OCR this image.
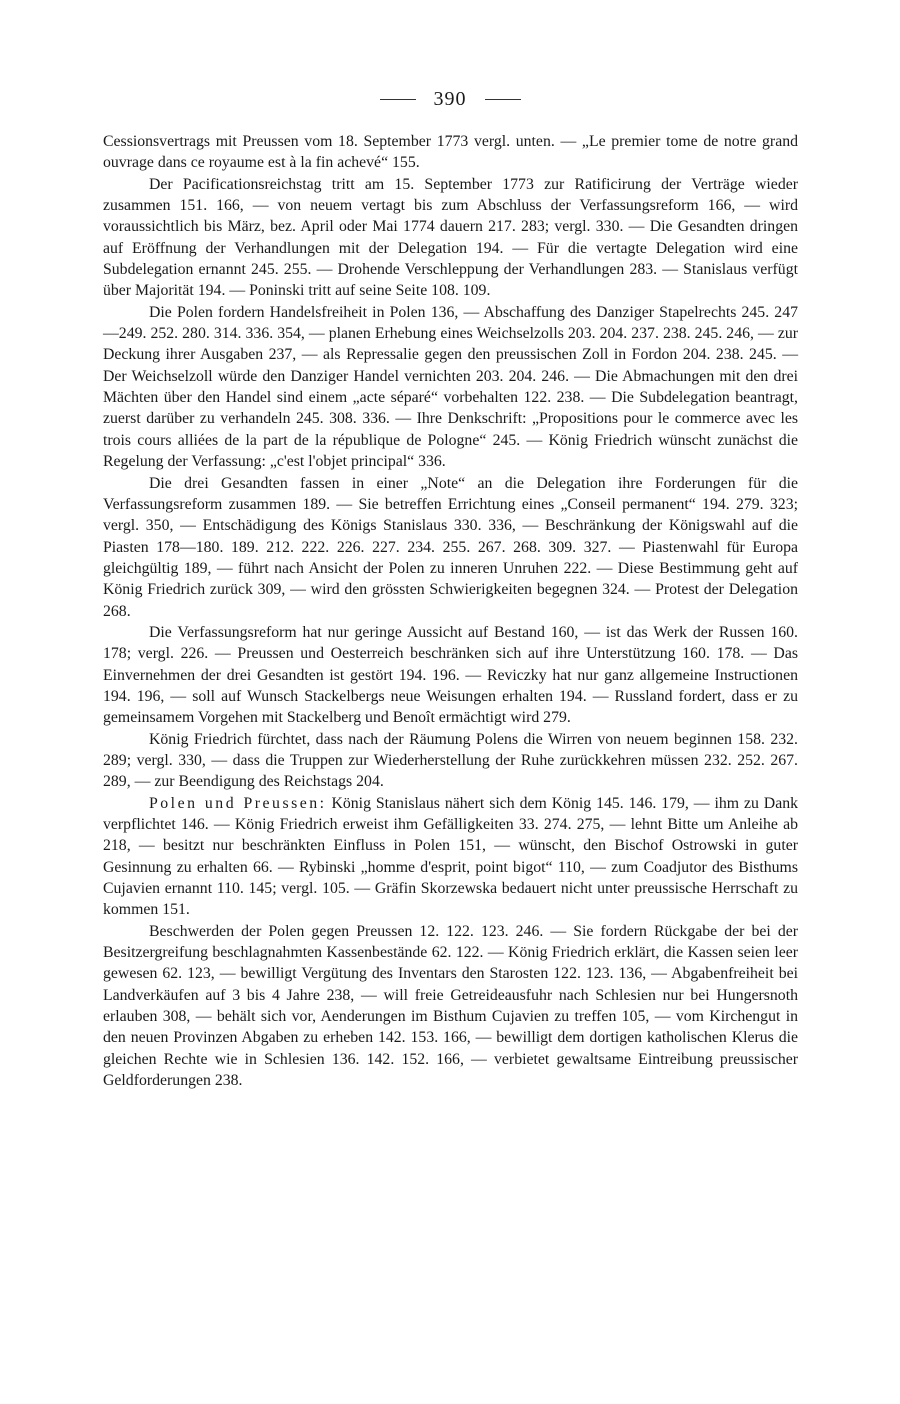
390

Cessionsvertrags mit Preussen vom 18. September 1773 vergl. unten. — „Le premier tome de notre grand ouvrage dans ce royaume est à la fin achevé“ 155.

Der Pacificationsreichstag tritt am 15. September 1773 zur Ratificirung der Verträge wieder zusammen 151. 166, — von neuem vertagt bis zum Abschluss der Verfassungsreform 166, — wird voraussichtlich bis März, bez. April oder Mai 1774 dauern 217. 283; vergl. 330. — Die Gesandten dringen auf Eröffnung der Verhandlungen mit der Delegation 194. — Für die vertagte Delegation wird eine Subdelegation ernannt 245. 255. — Drohende Verschleppung der Verhandlungen 283. — Stanislaus verfügt über Majorität 194. — Poninski tritt auf seine Seite 108. 109.

Die Polen fordern Handelsfreiheit in Polen 136, — Abschaffung des Danziger Stapelrechts 245. 247—249. 252. 280. 314. 336. 354, — planen Erhebung eines Weichselzolls 203. 204. 237. 238. 245. 246, — zur Deckung ihrer Ausgaben 237, — als Repressalie gegen den preussischen Zoll in Fordon 204. 238. 245. — Der Weichselzoll würde den Danziger Handel vernichten 203. 204. 246. — Die Abmachungen mit den drei Mächten über den Handel sind einem „acte séparé“ vorbehalten 122. 238. — Die Subdelegation beantragt, zuerst darüber zu verhandeln 245. 308. 336. — Ihre Denkschrift: „Propositions pour le commerce avec les trois cours alliées de la part de la république de Pologne“ 245. — König Friedrich wünscht zunächst die Regelung der Verfassung: „c'est l'objet principal“ 336.

Die drei Gesandten fassen in einer „Note“ an die Delegation ihre Forderungen für die Verfassungsreform zusammen 189. — Sie betreffen Errichtung eines „Conseil permanent“ 194. 279. 323; vergl. 350, — Entschädigung des Königs Stanislaus 330. 336, — Beschränkung der Königswahl auf die Piasten 178—180. 189. 212. 222. 226. 227. 234. 255. 267. 268. 309. 327. — Piastenwahl für Europa gleichgültig 189, — führt nach Ansicht der Polen zu inneren Unruhen 222. — Diese Bestimmung geht auf König Friedrich zurück 309, — wird den grössten Schwierigkeiten begegnen 324. — Protest der Delegation 268.

Die Verfassungsreform hat nur geringe Aussicht auf Bestand 160, — ist das Werk der Russen 160. 178; vergl. 226. — Preussen und Oesterreich beschränken sich auf ihre Unterstützung 160. 178. — Das Einvernehmen der drei Gesandten ist gestört 194. 196. — Reviczky hat nur ganz allgemeine Instructionen 194. 196, — soll auf Wunsch Stackelbergs neue Weisungen erhalten 194. — Russland fordert, dass er zu gemeinsamem Vorgehen mit Stackelberg und Benoît ermächtigt wird 279.

König Friedrich fürchtet, dass nach der Räumung Polens die Wirren von neuem beginnen 158. 232. 289; vergl. 330, — dass die Truppen zur Wiederherstellung der Ruhe zurückkehren müssen 232. 252. 267. 289, — zur Beendigung des Reichstags 204.

Polen und Preussen: König Stanislaus nähert sich dem König 145. 146. 179, — ihm zu Dank verpflichtet 146. — König Friedrich erweist ihm Gefälligkeiten 33. 274. 275, — lehnt Bitte um Anleihe ab 218, — besitzt nur beschränkten Einfluss in Polen 151, — wünscht, den Bischof Ostrowski in guter Gesinnung zu erhalten 66. — Rybinski „homme d'esprit, point bigot“ 110, — zum Coadjutor des Bisthums Cujavien ernannt 110. 145; vergl. 105. — Gräfin Skorzewska bedauert nicht unter preussische Herrschaft zu kommen 151.

Beschwerden der Polen gegen Preussen 12. 122. 123. 246. — Sie fordern Rückgabe der bei der Besitzergreifung beschlagnahmten Kassenbestände 62. 122. — König Friedrich erklärt, die Kassen seien leer gewesen 62. 123, — bewilligt Vergütung des Inventars den Starosten 122. 123. 136, — Abgabenfreiheit bei Landverkäufen auf 3 bis 4 Jahre 238, — will freie Getreideausfuhr nach Schlesien nur bei Hungersnoth erlauben 308, — behält sich vor, Aenderungen im Bisthum Cujavien zu treffen 105, — vom Kirchengut in den neuen Provinzen Abgaben zu erheben 142. 153. 166, — bewilligt dem dortigen katholischen Klerus die gleichen Rechte wie in Schlesien 136. 142. 152. 166, — verbietet gewaltsame Eintreibung preussischer Geldforderungen 238.
